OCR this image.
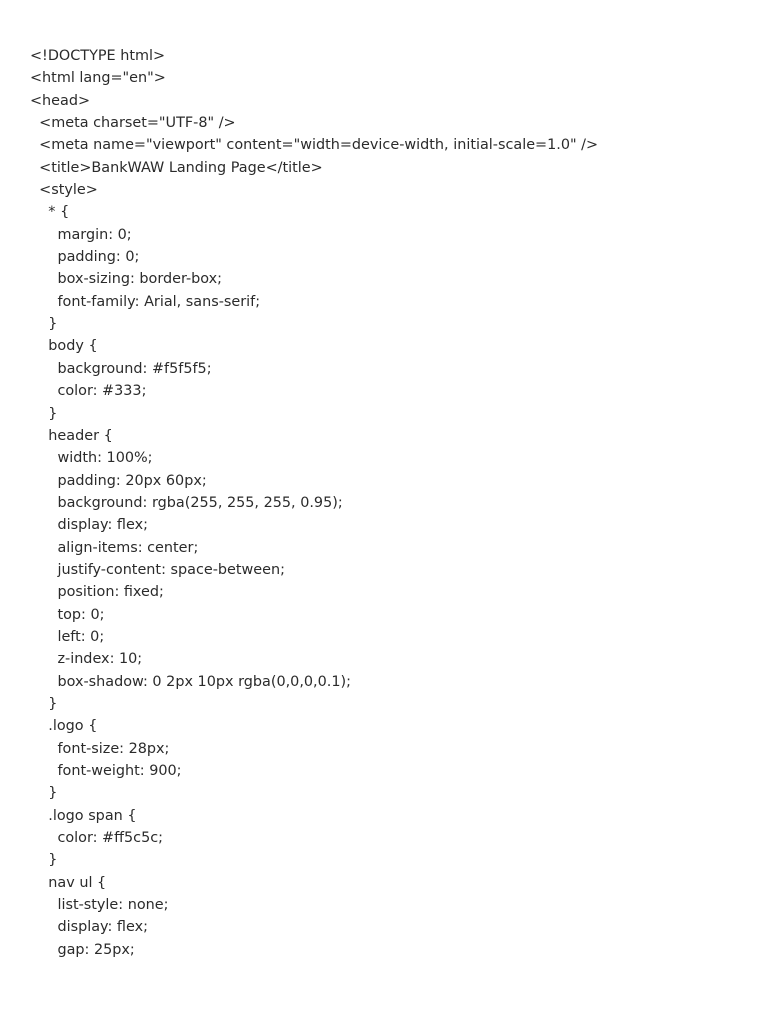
<!DOCTYPE html>
<html lang="en">
<head>
<meta charset="UTF-8" />
<meta name="viewport" content="width=device-width, initial-scale=1.0" />
<title>BankWAW Landing Page</title>
<style>
* {
margin: 0;
padding: 0;
box-sizing: border-box;
font-family: Arial, sans-serif;
}
body {
background: #f5f5f5;
color: #333;
}
header {
width: 100%;
padding: 20px 60px;
background: rgba(255, 255, 255, 0.95);
display: flex;
align-items: center;
justify-content: space-between;
position: fixed;
top: 0;
left: 0;
z-index: 10;
box-shadow: 0 2px 10px rgba(0,0,0,0.1);
}
.logo {
font-size: 28px;
font-weight: 900;
}
.logo span {
color: #ff5c5c;
}
nav ul {
list-style: none;
display: flex;
gap: 25px;
